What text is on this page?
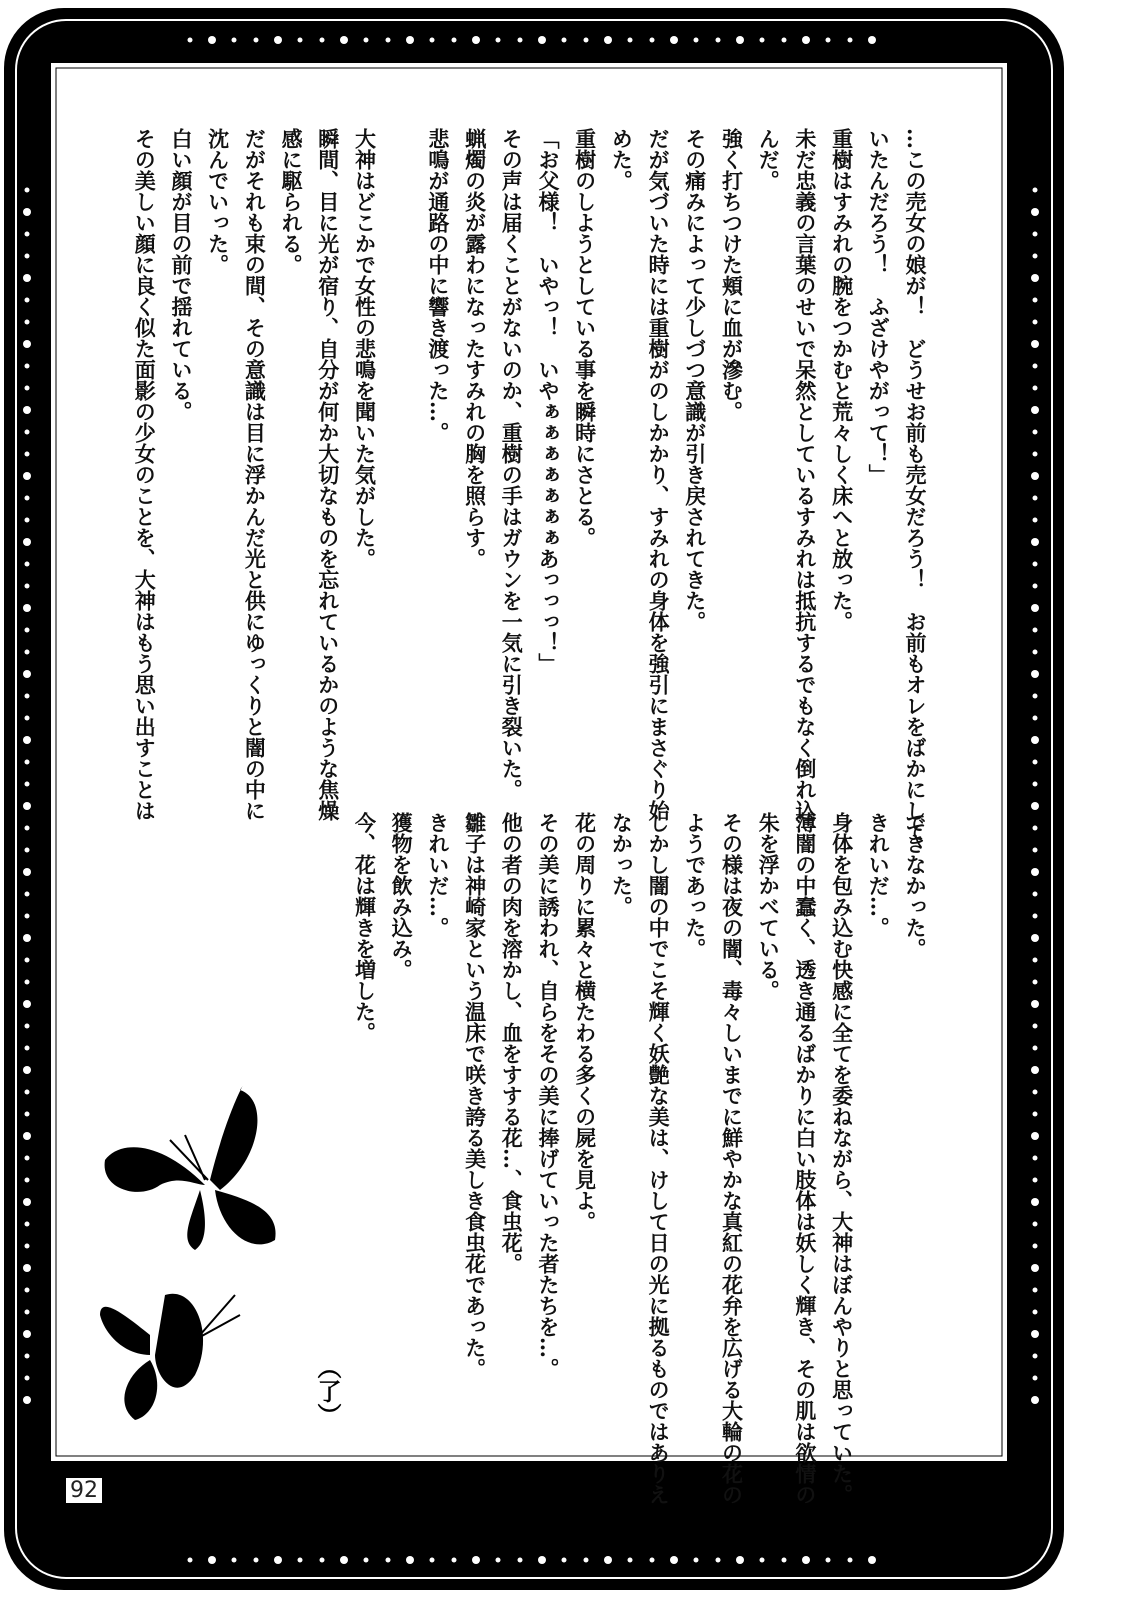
…この売女の娘が！　どうせお前も売女だろう！　お前もオレをばかにして
いたんだろう！　ふざけやがって！」
重樹はすみれの腕をつかむと荒々しく床へと放った。
未だ忠義の言葉のせいで呆然としているすみれは抵抗するでもなく倒れ込
んだ。
強く打ちつけた頬に血が滲む。
その痛みによって少しづつ意識が引き戻されてきた。
だが気づいた時には重樹がのしかかり、すみれの身体を強引にまさぐり始
めた。
重樹のしようとしている事を瞬時にさとる。
「お父様！　いやっ！　いやぁぁぁぁぁぁぁあっっっ！」
その声は届くことがないのか、重樹の手はガウンを一気に引き裂いた。
蝋燭の炎が露わになったすみれの胸を照らす。
悲鳴が通路の中に響き渡った…。
大神はどこかで女性の悲鳴を聞いた気がした。
瞬間、目に光が宿り、自分が何か大切なものを忘れているかのような焦燥
感に駆られる。
だがそれも束の間、その意識は目に浮かんだ光と供にゆっくりと闇の中に
沈んでいった。
白い顔が目の前で揺れている。
その美しい顔に良く似た面影の少女のことを、大神はもう思い出すことは
できなかった。
きれいだ…。
身体を包み込む快感に全てを委ねながら、大神はぼんやりと思っていた。
薄闇の中蠢く、透き通るばかりに白い肢体は妖しく輝き、その肌は欲情の
朱を浮かべている。
その様は夜の闇、毒々しいまでに鮮やかな真紅の花弁を広げる大輪の花の
ようであった。
しかし闇の中でこそ輝く妖艶な美は、けして日の光に拠るものではありえ
なかった。
花の周りに累々と横たわる多くの屍を見よ。
その美に誘われ、自らをその美に捧げていった者たちを…。
他の者の肉を溶かし、血をすする花…、食虫花。
雛子は神崎家という温床で咲き誇る美しき食虫花であった。
きれいだ…。
獲物を飲み込み。
今、花は輝きを増した。
（了）
92
